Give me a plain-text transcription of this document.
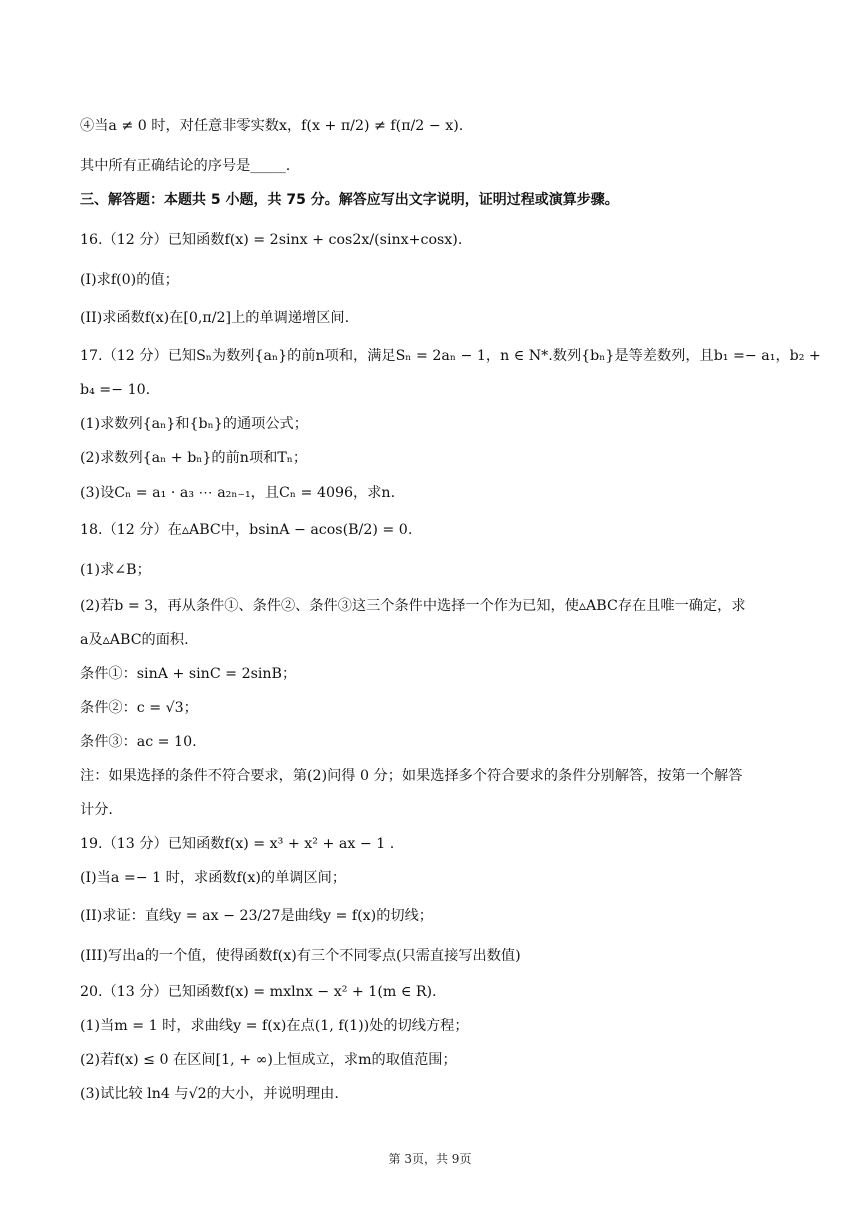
④当a ≠ 0 时，对任意非零实数x，f(x + π/2) ≠ f(π/2 − x).
其中所有正确结论的序号是_____.
三、解答题：本题共 5 小题，共 75 分。解答应写出文字说明，证明过程或演算步骤。
16.（12 分）已知函数f(x) = 2sinx + cos2x/(sinx+cosx).
(I)求f(0)的值；
(II)求函数f(x)在[0,π/2]上的单调递增区间.
17.（12 分）已知Sₙ为数列{aₙ}的前n项和，满足Sₙ = 2aₙ − 1，n ∈ N*.数列{bₙ}是等差数列，且b₁ =− a₁，b₂ +
b₄ =− 10.
(1)求数列{aₙ}和{bₙ}的通项公式；
(2)求数列{aₙ + bₙ}的前n项和Tₙ；
(3)设Cₙ = a₁ · a₃ ⋯ a₂ₙ₋₁，且Cₙ = 4096，求n.
18.（12 分）在▵ABC中，bsinA − acos(B/2) = 0.
(1)求∠B；
(2)若b = 3，再从条件①、条件②、条件③这三个条件中选择一个作为已知，使▵ABC存在且唯一确定，求
a及▵ABC的面积.
条件①：sinA + sinC = 2sinB；
条件②：c = √3；
条件③：ac = 10.
注：如果选择的条件不符合要求，第(2)问得 0 分；如果选择多个符合要求的条件分别解答，按第一个解答
计分.
19.（13 分）已知函数f(x) = x³ + x² + ax − 1 .
(I)当a =− 1 时，求函数f(x)的单调区间；
(II)求证：直线y = ax − 23/27是曲线y = f(x)的切线；
(III)写出a的一个值，使得函数f(x)有三个不同零点(只需直接写出数值)
20.（13 分）已知函数f(x) = mxlnx − x² + 1(m ∈ R).
(1)当m = 1 时，求曲线y = f(x)在点(1, f(1))处的切线方程；
(2)若f(x) ≤ 0 在区间[1, + ∞)上恒成立，求m的取值范围；
(3)试比较 ln4 与√2的大小，并说明理由.
第 3页，共 9页
